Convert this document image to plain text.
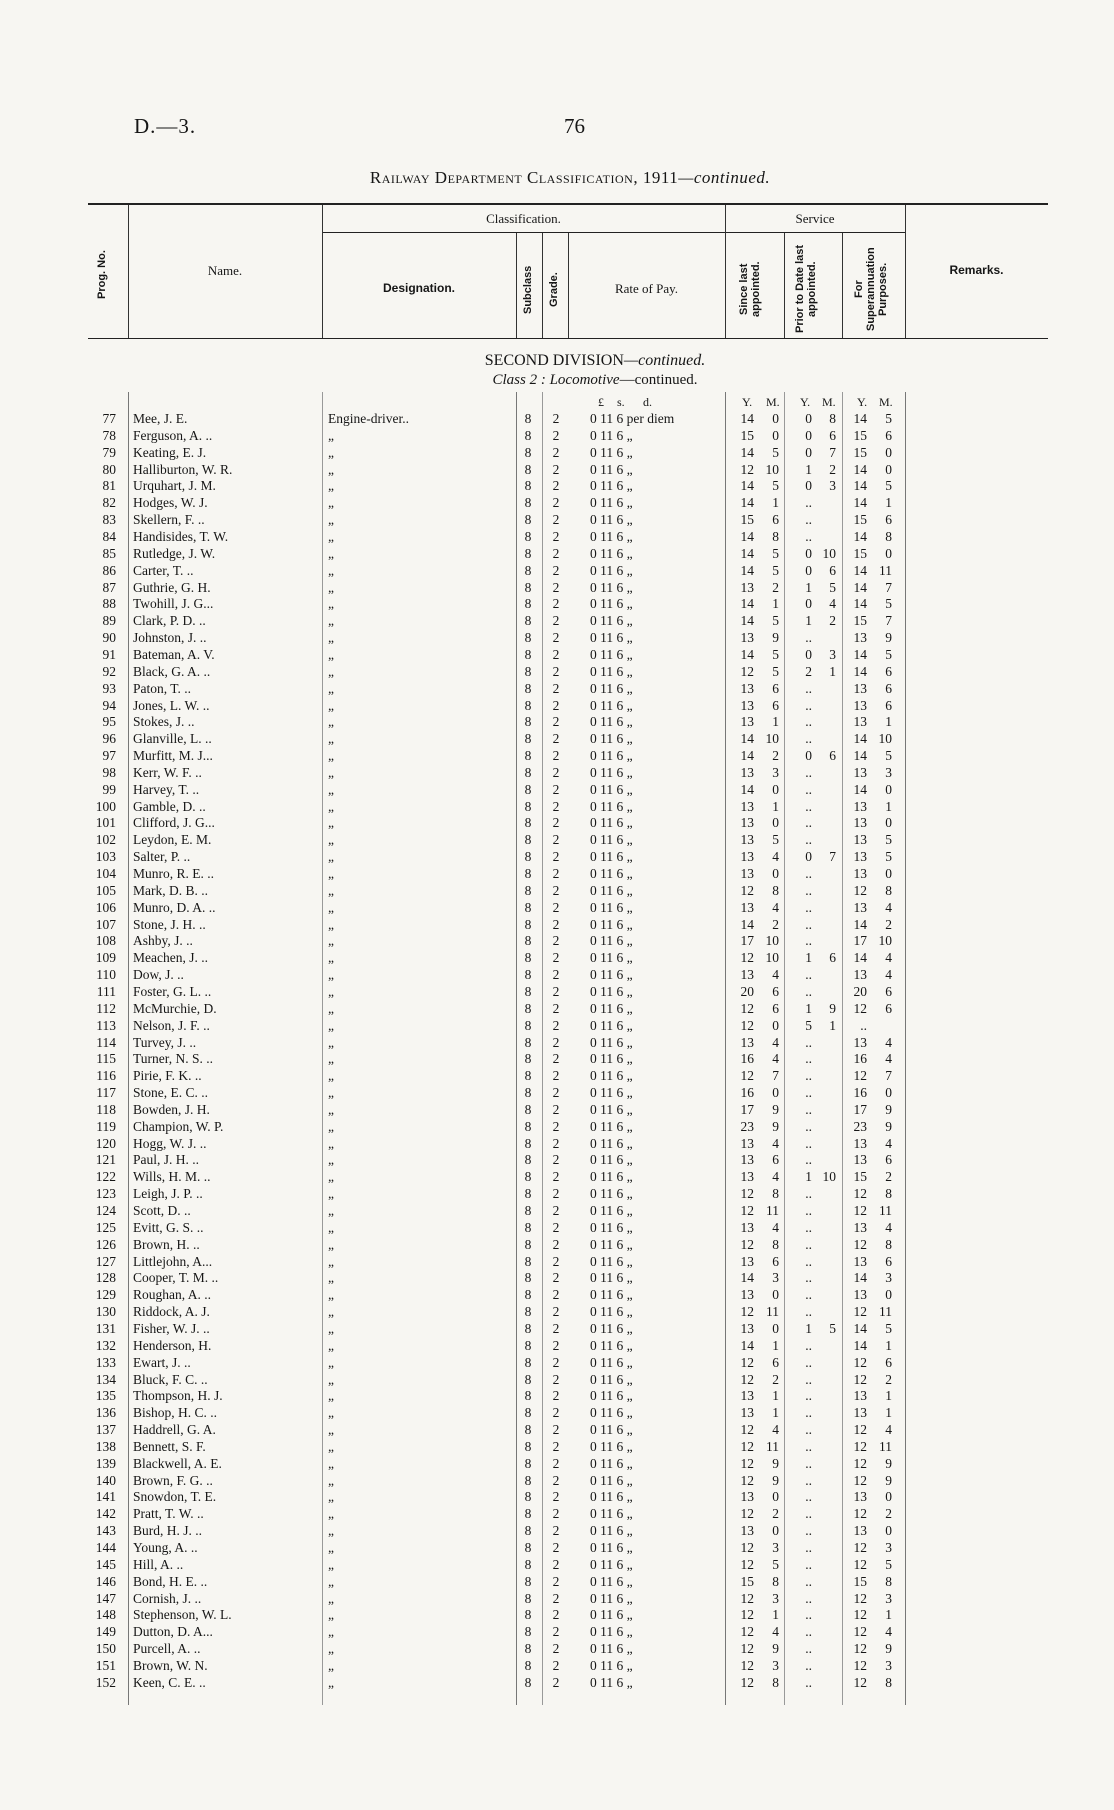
D.—3.	76
Railway Department Classification, 1911—continued.
Prog. No.	Name.
Classification.
Designation.	Subclass Grade.	Rate of Pay.
Service
Since last appointed.	Prior to Date last appointed.	For Superannuation Purposes.	Remarks.
SECOND DIVISION—continued.
Class 2 : Locomotive—continued.
£ s. d.	Y. M. Y. M. Y. M.
77 Mee, J. E.	Engine-driver..	8	2	0 11 6 per diem	14	0	0	8	14	5
78 Ferguson, A. ..	„	8	2	0 11 6 „	15	0	0	6	15	6
79 Keating, E. J.	„	8	2	0 11 6 „	14	5	0	7	15	0
80 Halliburton, W. R.	„	8	2	0 11 6 „	12 10	1	2	14	0
81 Urquhart, J. M.	„	8	2	0 11 6 „	14	5	0	3	14	5
82 Hodges, W. J.	„	8	2	0 11 6 „	14	1	..	14	1
83 Skellern, F. ..	„	8	2	0 11 6 „	15	6	..	15	6
84 Handisides, T. W.	„	8	2	0 11 6 „	14	8	..	14	8
85 Rutledge, J. W.	„	8	2	0 11 6 „	14	5	0 10	15	0
86 Carter, T. ..	„	8	2	0 11 6 „	14	5	0	6	14 11
87 Guthrie, G. H.	„	8	2	0 11 6 „	13	2	1	5	14	7
88 Twohill, J. G...	„	8	2	0 11 6 „	14	1	0	4	14	5
89 Clark, P. D. ..	„	8	2	0 11 6 „	14	5	1	2	15	7
90 Johnston, J. ..	„	8	2	0 11 6 „	13	9	..	13	9
91 Bateman, A. V.	„	8	2	0 11 6 „	14	5	0	3	14	5
92 Black, G. A. ..	„	8	2	0 11 6 „	12	5	2	1	14	6
93 Paton, T. ..	„	8	2	0 11 6 „	13	6	..	13	6
94 Jones, L. W. ..	„	8	2	0 11 6 „	13	6	..	13	6
95 Stokes, J. ..	„	8	2	0 11 6 „	13	1	..	13	1
96 Glanville, L. ..	„	8	2	0 11 6 „	14 10	..	14 10
97 Murfitt, M. J...	„	8	2	0 11 6 „	14	2	0	6	14	5
98 Kerr, W. F. ..	„	8	2	0 11 6 „	13	3	..	13	3
99 Harvey, T. ..	„	8	2	0 11 6 „	14	0	..	14	0
100 Gamble, D. ..	„	8	2	0 11 6 „	13	1	..	13	1
101 Clifford, J. G...	„	8	2	0 11 6 „	13	0	..	13	0
102 Leydon, E. M.	„	8	2	0 11 6 „	13	5	..	13	5
103 Salter, P. ..	„	8	2	0 11 6 „	13	4	0	7	13	5
104 Munro, R. E. ..	„	8	2	0 11 6 „	13	0	..	13	0
105 Mark, D. B. ..	„	8	2	0 11 6 „	12	8	..	12	8
106 Munro, D. A. ..	„	8	2	0 11 6 „	13	4	..	13	4
107 Stone, J. H. ..	„	8	2	0 11 6 „	14	2	..	14	2
108 Ashby, J. ..	„	8	2	0 11 6 „	17 10	..	17 10
109 Meachen, J. ..	„	8	2	0 11 6 „	12 10	1	6	14	4
110 Dow, J. ..	„	8	2	0 11 6 „	13	4	..	13	4
111 Foster, G. L. ..	„	8	2	0 11 6 „	20	6	..	20	6
112 McMurchie, D.	„	8	2	0 11 6 „	12	6	1	9	12	6
113 Nelson, J. F. ..	„	8	2	0 11 6 „	12	0	5	1	..
114 Turvey, J. ..	„	8	2	0 11 6 „	13	4	..	13	4
115 Turner, N. S. ..	„	8	2	0 11 6 „	16	4	..	16	4
116 Pirie, F. K. ..	„	8	2	0 11 6 „	12	7	..	12	7
117 Stone, E. C. ..	„	8	2	0 11 6 „	16	0	..	16	0
118 Bowden, J. H.	„	8	2	0 11 6 „	17	9	..	17	9
119 Champion, W. P.	„	8	2	0 11 6 „	23	9	..	23	9
120 Hogg, W. J. ..	„	8	2	0 11 6 „	13	4	..	13	4
121 Paul, J. H. ..	„	8	2	0 11 6 „	13	6	..	13	6
122 Wills, H. M. ..	„	8	2	0 11 6 „	13	4	1 10	15	2
123 Leigh, J. P. ..	„	8	2	0 11 6 „	12	8	..	12	8
124 Scott, D. ..	„	8	2	0 11 6 „	12 11	..	12 11
125 Evitt, G. S. ..	„	8	2	0 11 6 „	13	4	..	13	4
126 Brown, H. ..	„	8	2	0 11 6 „	12	8	..	12	8
127 Littlejohn, A...	„	8	2	0 11 6 „	13	6	..	13	6
128 Cooper, T. M. ..	„	8	2	0 11 6 „	14	3	..	14	3
129 Roughan, A. ..	„	8	2	0 11 6 „	13	0	..	13	0
130 Riddock, A. J.	„	8	2	0 11 6 „	12 11	..	12 11
131 Fisher, W. J. ..	„	8	2	0 11 6 „	13	0	1	5	14	5
132 Henderson, H.	„	8	2	0 11 6 „	14	1	..	14	1
133 Ewart, J. ..	„	8	2	0 11 6 „	12	6	..	12	6
134 Bluck, F. C. ..	„	8	2	0 11 6 „	12	2	..	12	2
135 Thompson, H. J.	„	8	2	0 11 6 „	13	1	..	13	1
136 Bishop, H. C. ..	„	8	2	0 11 6 „	13	1	..	13	1
137 Haddrell, G. A.	„	8	2	0 11 6 „	12	4	..	12	4
138 Bennett, S. F.	„	8	2	0 11 6 „	12 11	..	12 11
139 Blackwell, A. E.	„	8	2	0 11 6 „	12	9	..	12	9
140 Brown, F. G. ..	„	8	2	0 11 6 „	12	9	..	12	9
141 Snowdon, T. E.	„	8	2	0 11 6 „	13	0	..	13	0
142 Pratt, T. W. ..	„	8	2	0 11 6 „	12	2	..	12	2
143 Burd, H. J. ..	„	8	2	0 11 6 „	13	0	..	13	0
144 Young, A. ..	„	8	2	0 11 6 „	12	3	..	12	3
145 Hill, A. ..	„	8	2	0 11 6 „	12	5	..	12	5
146 Bond, H. E. ..	„	8	2	0 11 6 „	15	8	..	15	8
147 Cornish, J. ..	„	8	2	0 11 6 „	12	3	..	12	3
148 Stephenson, W. L.	„	8	2	0 11 6 „	12	1	..	12	1
149 Dutton, D. A...	„	8	2	0 11 6 „	12	4	..	12	4
150 Purcell, A. ..	„	8	2	0 11 6 „	12	9	..	12	9
151 Brown, W. N.	„	8	2	0 11 6 „	12	3	..	12	3
152 Keen, C. E. ..	„	8	2	0 11 6 „	12	8	..	12	8
